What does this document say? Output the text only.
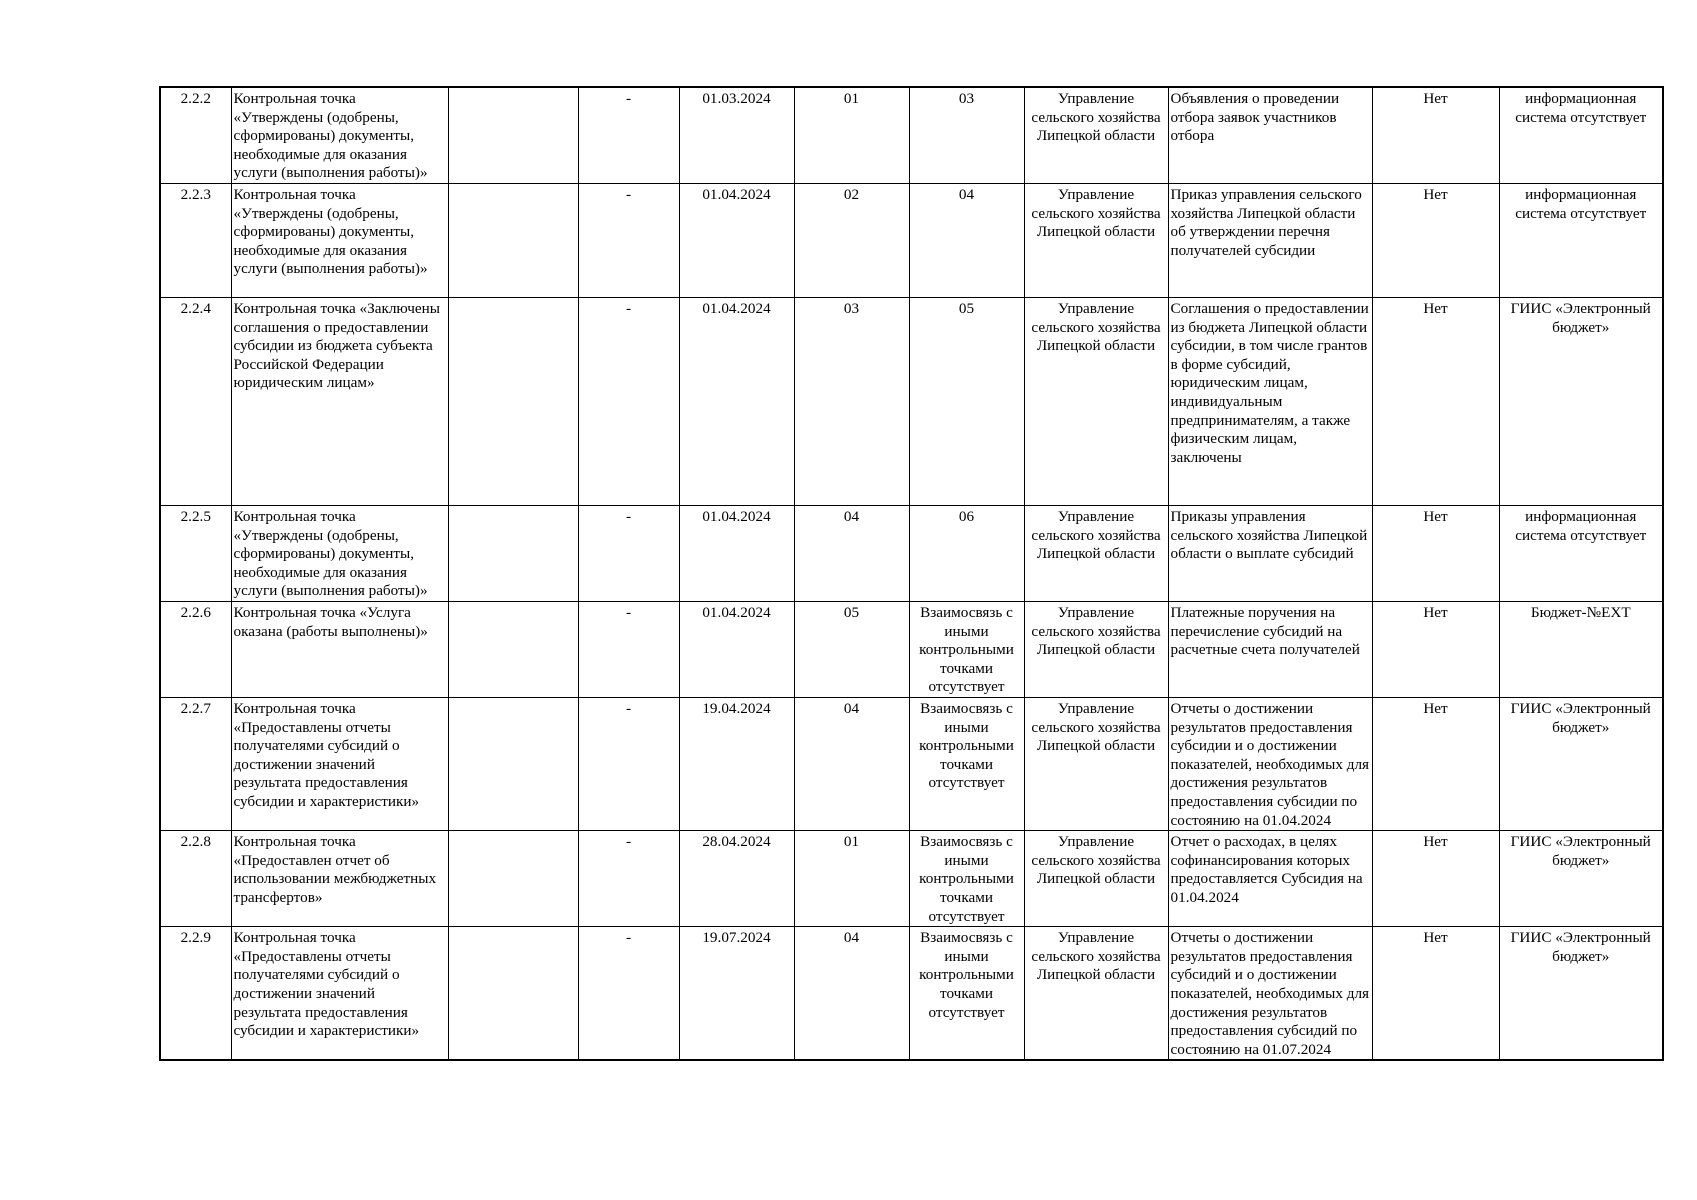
2.2.2	Контрольная точка «Утверждены (одобрены, сформированы) документы, необходимые для оказания услуги (выполнения работы)»		-	01.03.2024	01	03	Управление сельского хозяйства Липецкой области	Объявления о проведении отбора заявок участников отбора	Нет	информационная система отсутствует
2.2.3	Контрольная точка «Утверждены (одобрены, сформированы) документы, необходимые для оказания услуги (выполнения работы)»		-	01.04.2024	02	04	Управление сельского хозяйства Липецкой области	Приказ управления сельского хозяйства Липецкой области об утверждении перечня получателей субсидии	Нет	информационная система отсутствует
2.2.4	Контрольная точка «Заключены соглашения о предоставлении субсидии из бюджета субъекта Российской Федерации юридическим лицам»		-	01.04.2024	03	05	Управление сельского хозяйства Липецкой области	Соглашения о предоставлении из бюджета Липецкой области субсидии, в том числе грантов в форме субсидий, юридическим лицам, индивидуальным предпринимателям, а также физическим лицам, заключены	Нет	ГИИС «Электронный бюджет»
2.2.5	Контрольная точка «Утверждены (одобрены, сформированы) документы, необходимые для оказания услуги (выполнения работы)»		-	01.04.2024	04	06	Управление сельского хозяйства Липецкой области	Приказы управления сельского хозяйства Липецкой области о выплате субсидий	Нет	информационная система отсутствует
2.2.6	Контрольная точка «Услуга оказана (работы выполнены)»		-	01.04.2024	05	Взаимосвязь с иными контрольными точками отсутствует	Управление сельского хозяйства Липецкой области	Платежные поручения на перечисление субсидий на расчетные счета получателей	Нет	Бюджет-№EXT
2.2.7	Контрольная точка «Предоставлены отчеты получателями субсидий о достижении значений результата предоставления субсидии и характеристики»		-	19.04.2024	04	Взаимосвязь с иными контрольными точками отсутствует	Управление сельского хозяйства Липецкой области	Отчеты о достижении результатов предоставления субсидии и о достижении показателей, необходимых для достижения результатов предоставления субсидии по состоянию на 01.04.2024	Нет	ГИИС «Электронный бюджет»
2.2.8	Контрольная точка «Предоставлен отчет об использовании межбюджетных трансфертов»		-	28.04.2024	01	Взаимосвязь с иными контрольными точками отсутствует	Управление сельского хозяйства Липецкой области	Отчет о расходах, в целях софинансирования которых предоставляется Субсидия на 01.04.2024	Нет	ГИИС «Электронный бюджет»
2.2.9	Контрольная точка «Предоставлены отчеты получателями субсидий о достижении значений результата предоставления субсидии и характеристики»		-	19.07.2024	04	Взаимосвязь с иными контрольными точками отсутствует	Управление сельского хозяйства Липецкой области	Отчеты о достижении результатов предоставления субсидий и о достижении показателей, необходимых для достижения результатов предоставления субсидий по состоянию на 01.07.2024	Нет	ГИИС «Электронный бюджет»
